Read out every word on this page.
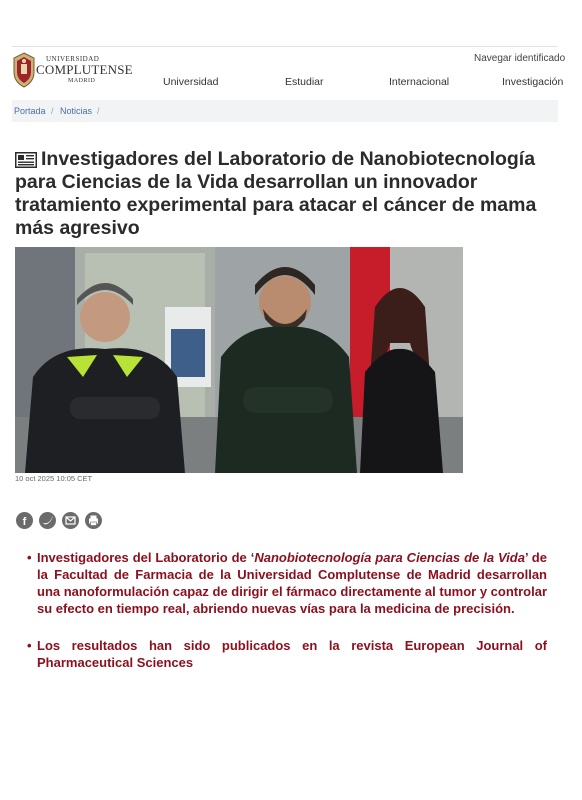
UNIVERSIDAD
COMPLUTENSE
MADRID
Navegar identificado
Universidad	Estudiar	Internacional	Investigación
Portada / Noticias /
Investigadores del Laboratorio de Nanobiotecnología para Ciencias de la Vida desarrollan un innovador tratamiento experimental para atacar el cáncer de mama más agresivo
10 oct 2025 10:05 CET
f
• Investigadores del Laboratorio de ‘Nanobiotecnología para Ciencias de la Vida’ de la Facultad de Farmacia de la Universidad Complutense de Madrid desarrollan una nanoformulación capaz de dirigir el fármaco directamente al tumor y controlar su efecto en tiempo real, abriendo nuevas vías para la medicina de precisión.
• Los resultados han sido publicados en la revista European Journal of Pharmaceutical Sciences
